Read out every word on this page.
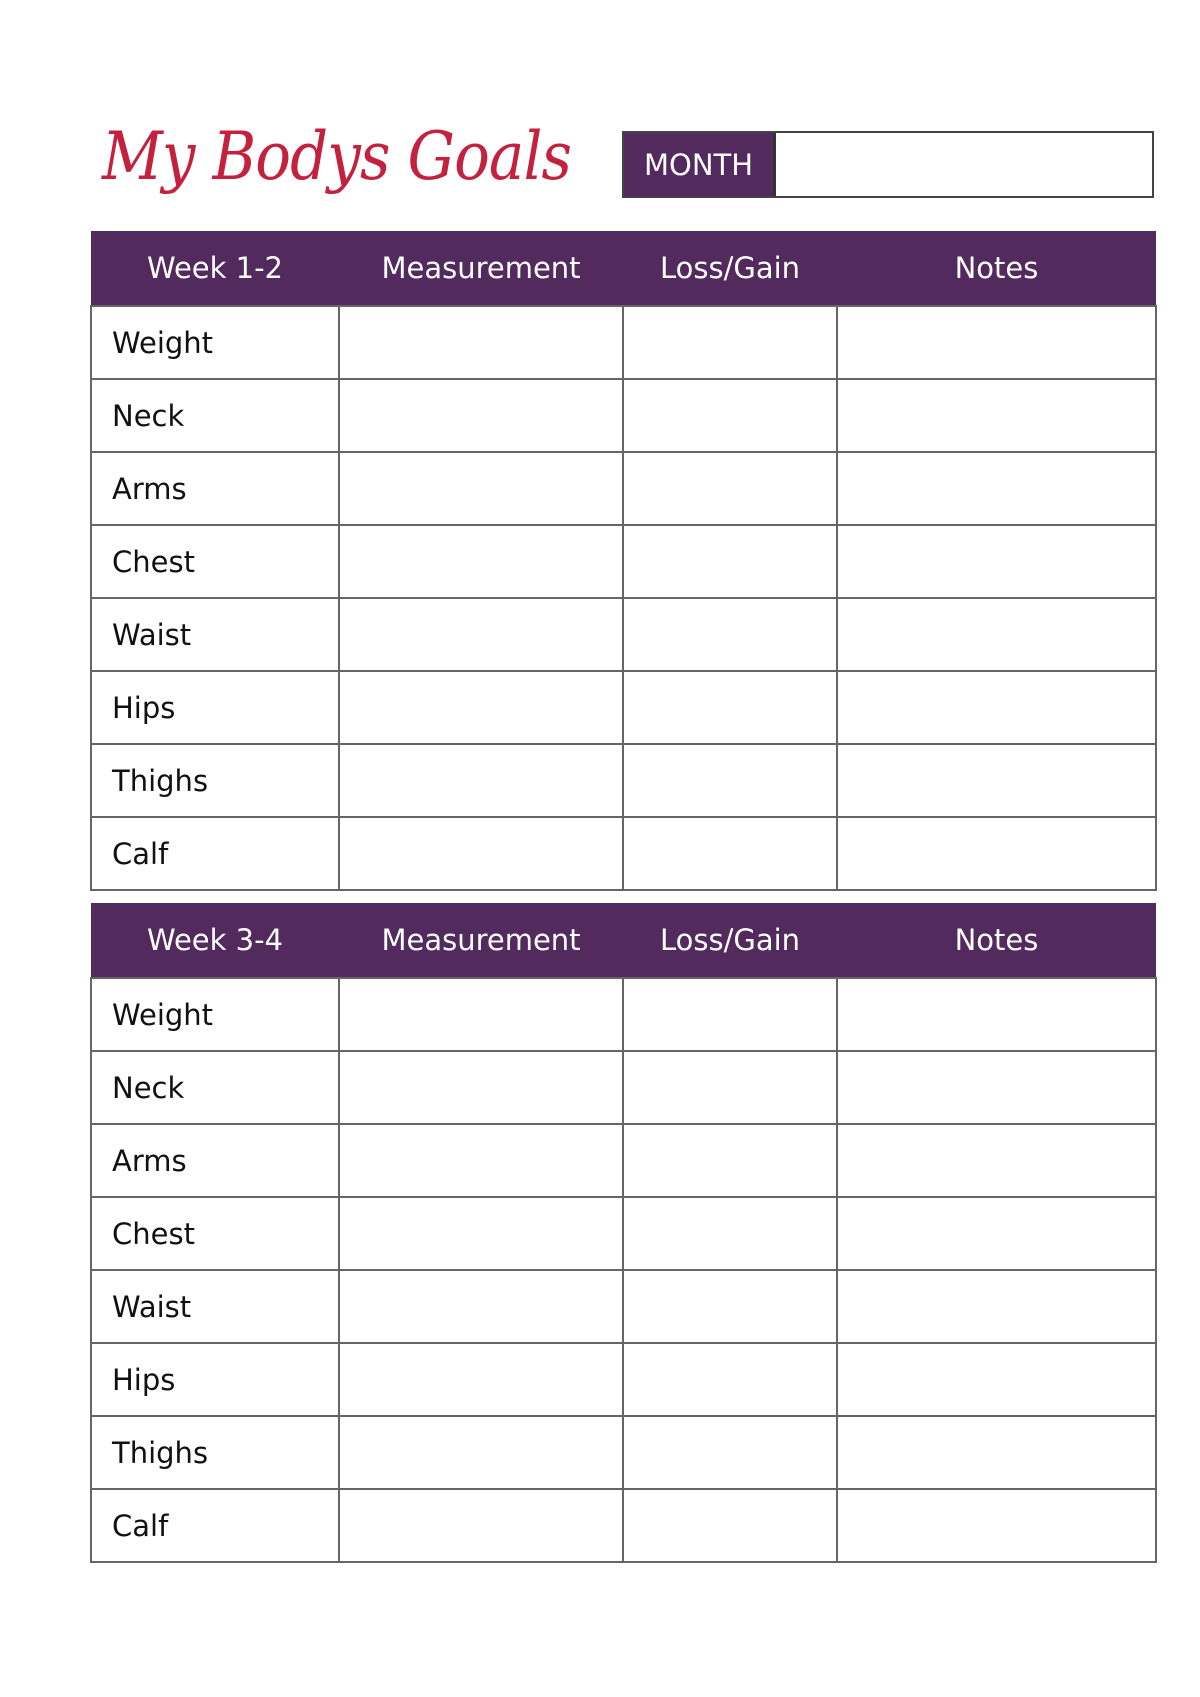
My Bodys Goals	MONTH
Week 1-2	Measurement	Loss/Gain	Notes
Weight			
Neck			
Arms			
Chest			
Waist			
Hips			
Thighs			
Calf			
Week 3-4	Measurement	Loss/Gain	Notes
Weight			
Neck			
Arms			
Chest			
Waist			
Hips			
Thighs			
Calf			
